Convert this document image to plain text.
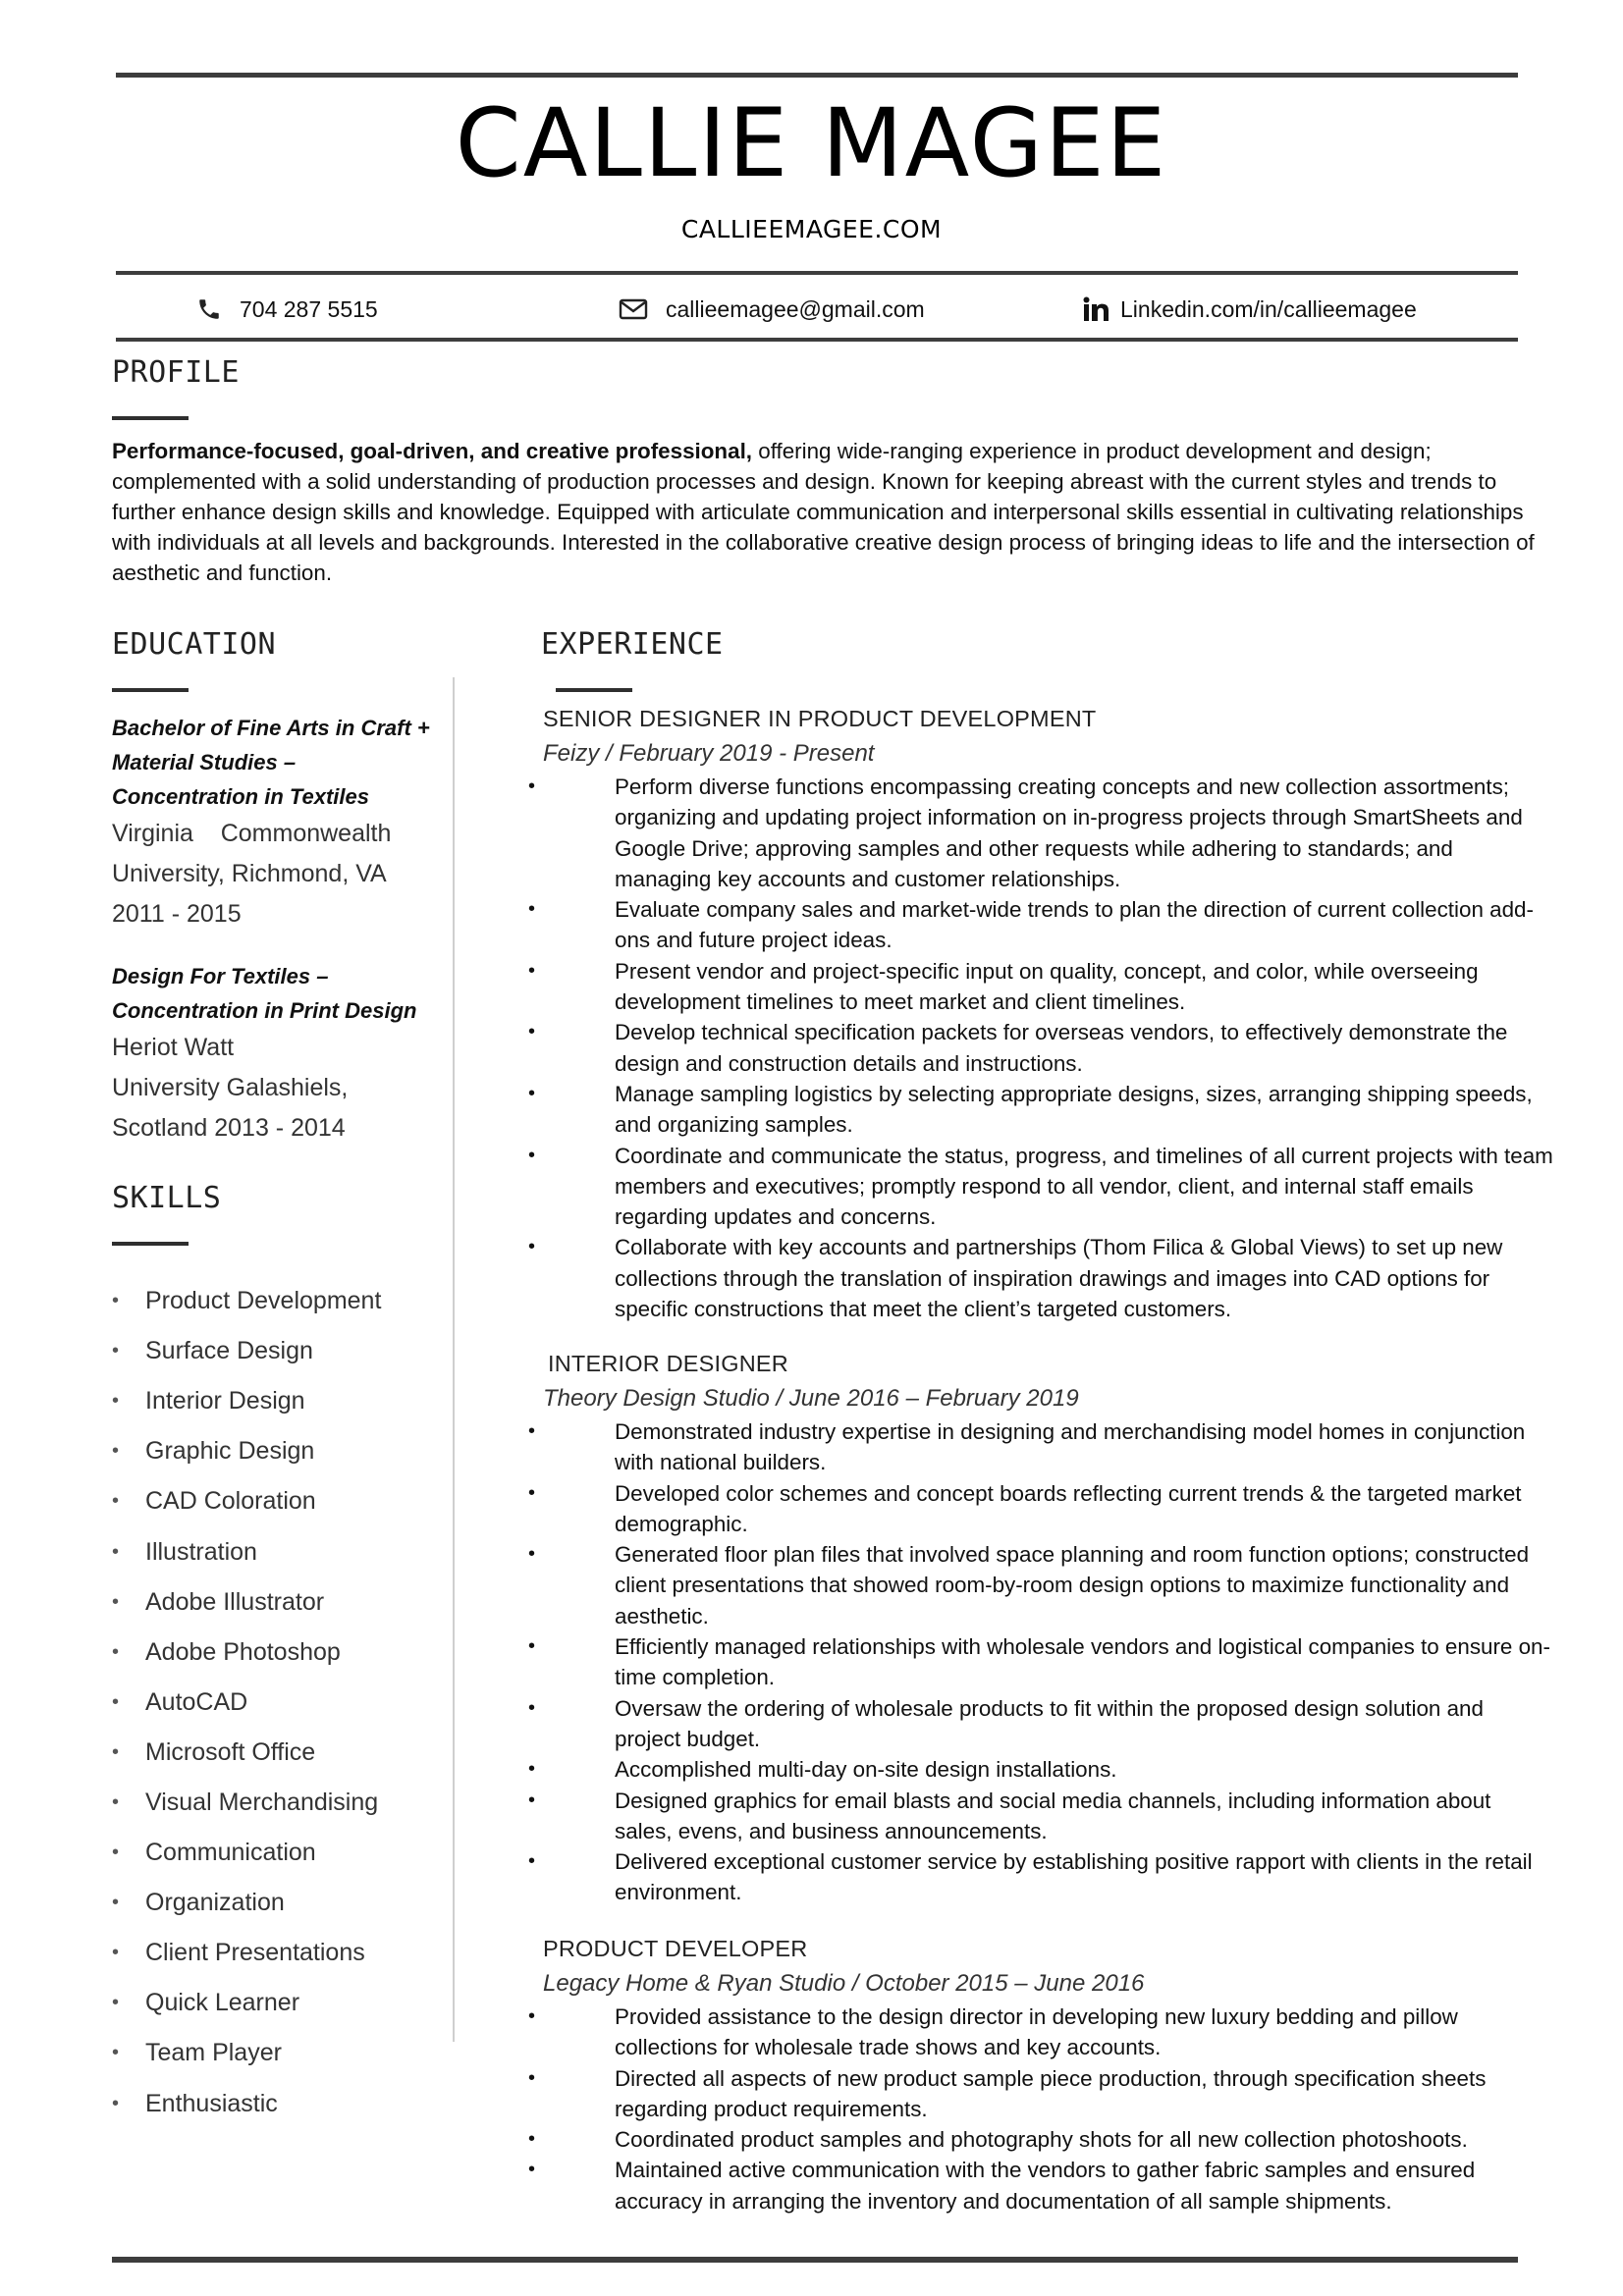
CALLIE MAGEE
CALLIEEMAGEE.COM
704 287 5515	callieemagee@gmail.com	Linkedin.com/in/callieemagee
PROFILE
Performance-focused, goal-driven, and creative professional, offering wide-ranging experience in product development and design; complemented with a solid understanding of production processes and design. Known for keeping abreast with the current styles and trends to further enhance design skills and knowledge. Equipped with articulate communication and interpersonal skills essential in cultivating relationships with individuals at all levels and backgrounds. Interested in the collaborative creative design process of bringing ideas to life and the intersection of aesthetic and function.
EDUCATION
Bachelor of Fine Arts in Craft +
Material Studies –
Concentration in Textiles
Virginia    Commonwealth
University, Richmond, VA
2011 - 2015
Design For Textiles –
Concentration in Print Design
Heriot Watt
University Galashiels,
Scotland 2013 - 2014
SKILLS
•	Product Development
•	Surface Design
•	Interior Design
•	Graphic Design
•	CAD Coloration
•	Illustration
•	Adobe Illustrator
•	Adobe Photoshop
•	AutoCAD
•	Microsoft Office
•	Visual Merchandising
•	Communication
•	Organization
•	Client Presentations
•	Quick Learner
•	Team Player
•	Enthusiastic
EXPERIENCE
SENIOR DESIGNER IN PRODUCT DEVELOPMENT
Feizy / February 2019 - Present
• Perform diverse functions encompassing creating concepts and new collection assortments; organizing and updating project information on in-progress projects through SmartSheets and Google Drive; approving samples and other requests while adhering to standards; and managing key accounts and customer relationships.
• Evaluate company sales and market-wide trends to plan the direction of current collection add-ons and future project ideas.
• Present vendor and project-specific input on quality, concept, and color, while overseeing development timelines to meet market and client timelines.
• Develop technical specification packets for overseas vendors, to effectively demonstrate the design and construction details and instructions.
• Manage sampling logistics by selecting appropriate designs, sizes, arranging shipping speeds, and organizing samples.
• Coordinate and communicate the status, progress, and timelines of all current projects with team members and executives; promptly respond to all vendor, client, and internal staff emails regarding updates and concerns.
• Collaborate with key accounts and partnerships (Thom Filica & Global Views) to set up new collections through the translation of inspiration drawings and images into CAD options for specific constructions that meet the client’s targeted customers.
INTERIOR DESIGNER
Theory Design Studio / June 2016 – February 2019
• Demonstrated industry expertise in designing and merchandising model homes in conjunction with national builders.
• Developed color schemes and concept boards reflecting current trends & the targeted market demographic.
• Generated floor plan files that involved space planning and room function options; constructed client presentations that showed room-by-room design options to maximize functionality and aesthetic.
• Efficiently managed relationships with wholesale vendors and logistical companies to ensure on-time completion.
• Oversaw the ordering of wholesale products to fit within the proposed design solution and project budget.
• Accomplished multi-day on-site design installations.
• Designed graphics for email blasts and social media channels, including information about sales, evens, and business announcements.
• Delivered exceptional customer service by establishing positive rapport with clients in the retail environment.
PRODUCT DEVELOPER
Legacy Home & Ryan Studio / October 2015 – June 2016
• Provided assistance to the design director in developing new luxury bedding and pillow collections for wholesale trade shows and key accounts.
• Directed all aspects of new product sample piece production, through specification sheets regarding product requirements.
• Coordinated product samples and photography shots for all new collection photoshoots.
• Maintained active communication with the vendors to gather fabric samples and ensured accuracy in arranging the inventory and documentation of all sample shipments.
